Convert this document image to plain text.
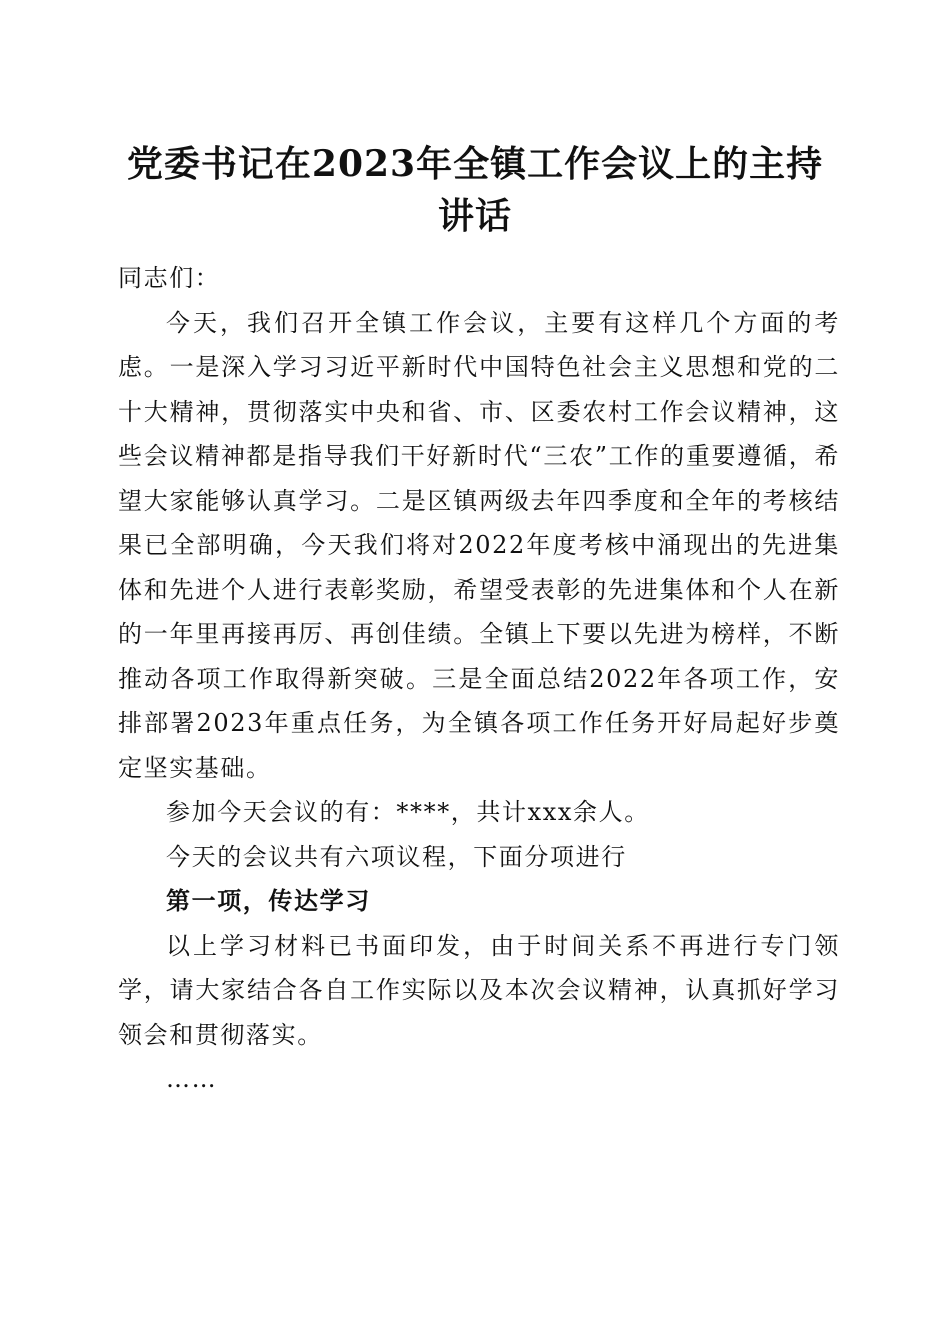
党委书记在2023年全镇工作会议上的主持讲话

同志们：

今天，我们召开全镇工作会议，主要有这样几个方面的考虑。一是深入学习习近平新时代中国特色社会主义思想和党的二十大精神，贯彻落实中央和省、市、区委农村工作会议精神，这些会议精神都是指导我们干好新时代“三农”工作的重要遵循，希望大家能够认真学习。二是区镇两级去年四季度和全年的考核结果已全部明确，今天我们将对2022年度考核中涌现出的先进集体和先进个人进行表彰奖励，希望受表彰的先进集体和个人在新的一年里再接再厉、再创佳绩。全镇上下要以先进为榜样，不断推动各项工作取得新突破。三是全面总结2022年各项工作，安排部署2023年重点任务，为全镇各项工作任务开好局起好步奠定坚实基础。

参加今天会议的有：****，共计xxx余人。

今天的会议共有六项议程，下面分项进行

第一项，传达学习

以上学习材料已书面印发，由于时间关系不再进行专门领学，请大家结合各自工作实际以及本次会议精神，认真抓好学习领会和贯彻落实。

……
